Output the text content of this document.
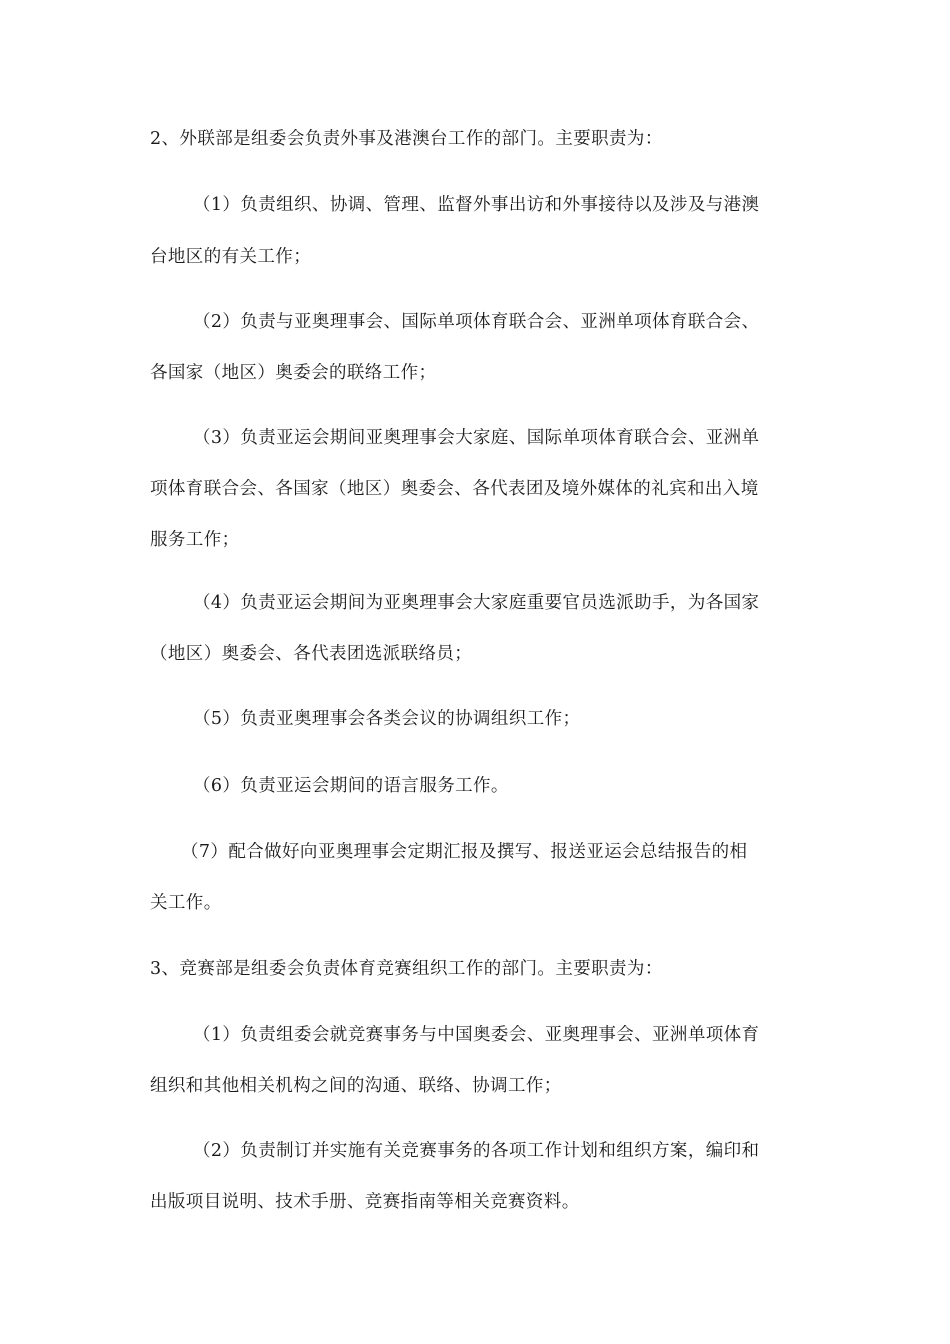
2、外联部是组委会负责外事及港澳台工作的部门。主要职责为：
（1）负责组织、协调、管理、监督外事出访和外事接待以及涉及与港澳
台地区的有关工作；
（2）负责与亚奥理事会、国际单项体育联合会、亚洲单项体育联合会、
各国家（地区）奥委会的联络工作；
（3）负责亚运会期间亚奥理事会大家庭、国际单项体育联合会、亚洲单
项体育联合会、各国家（地区）奥委会、各代表团及境外媒体的礼宾和出入境
服务工作；
（4）负责亚运会期间为亚奥理事会大家庭重要官员选派助手，为各国家
（地区）奥委会、各代表团选派联络员；
（5）负责亚奥理事会各类会议的协调组织工作；
（6）负责亚运会期间的语言服务工作。
（7）配合做好向亚奥理事会定期汇报及撰写、报送亚运会总结报告的相
关工作。
3、竞赛部是组委会负责体育竞赛组织工作的部门。主要职责为：
（1）负责组委会就竞赛事务与中国奥委会、亚奥理事会、亚洲单项体育
组织和其他相关机构之间的沟通、联络、协调工作；
（2）负责制订并实施有关竞赛事务的各项工作计划和组织方案，编印和
出版项目说明、技术手册、竞赛指南等相关竞赛资料。
